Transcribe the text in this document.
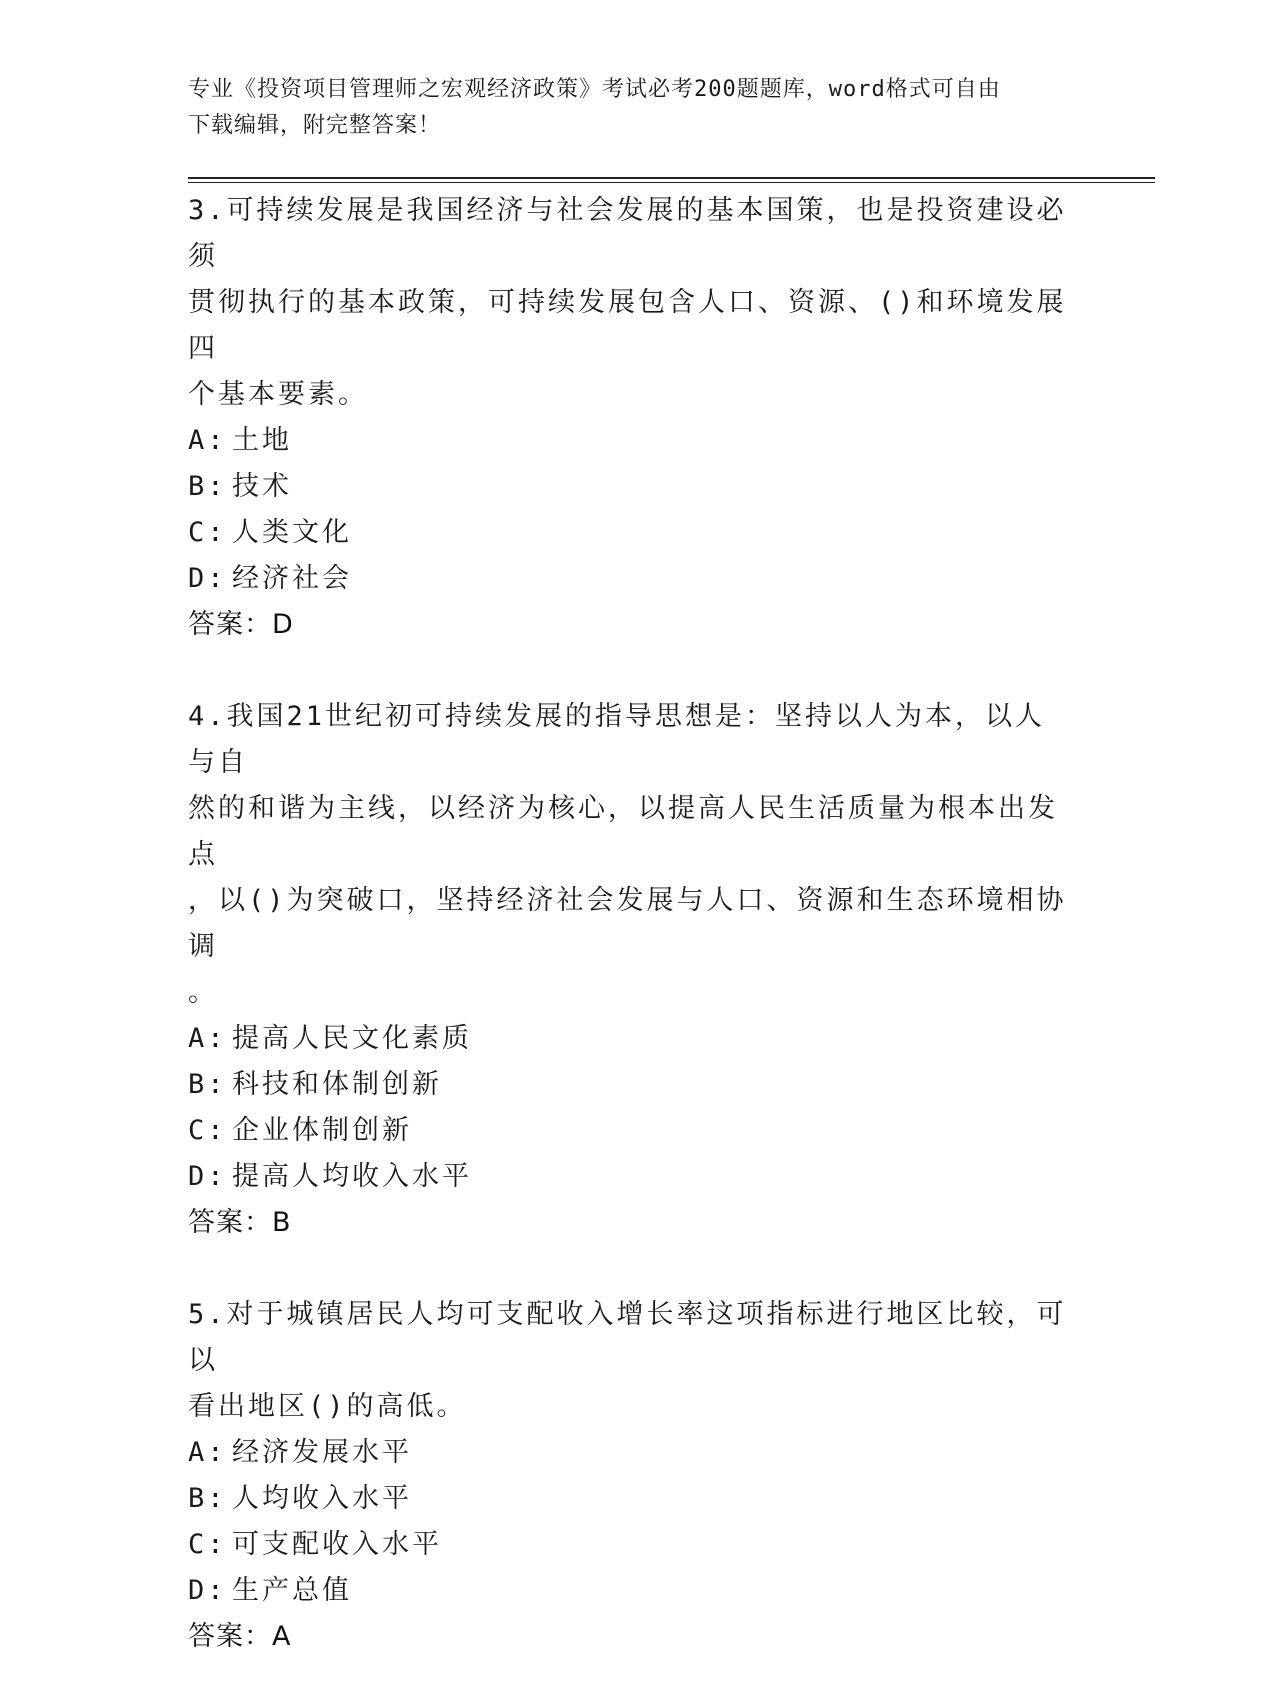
专业《投资项目管理师之宏观经济政策》考试必考200题题库，word格式可自由
下载编辑，附完整答案！

3.可持续发展是我国经济与社会发展的基本国策，也是投资建设必须

贯彻执行的基本政策，可持续发展包含人口、资源、()和环境发展四

个基本要素。

A: 土地

B: 技术

C: 人类文化

D: 经济社会

答案：D

4.我国21世纪初可持续发展的指导思想是：坚持以人为本，以人与自

然的和谐为主线，以经济为核心，以提高人民生活质量为根本出发点

，以()为突破口，坚持经济社会发展与人口、资源和生态环境相协调

。

A: 提高人民文化素质

B: 科技和体制创新

C: 企业体制创新

D: 提高人均收入水平

答案：B

5.对于城镇居民人均可支配收入增长率这项指标进行地区比较，可以

看出地区()的高低。

A: 经济发展水平

B: 人均收入水平

C: 可支配收入水平

D: 生产总值

答案：A
